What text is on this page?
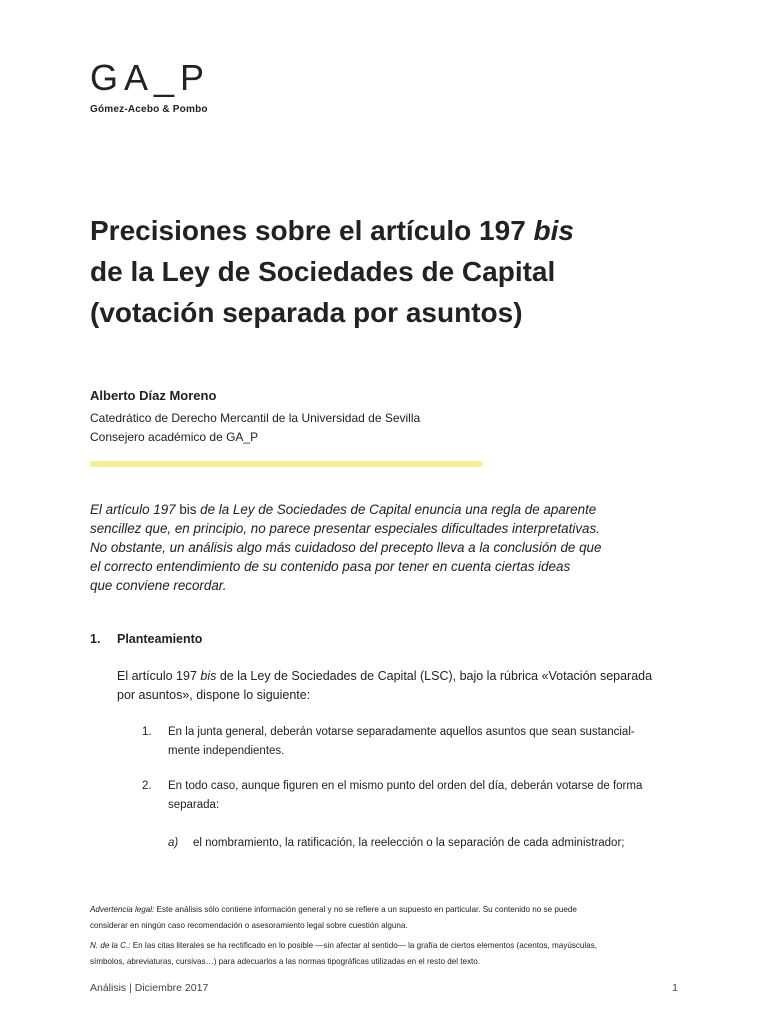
GA_P
Gómez-Acebo & Pombo
Precisiones sobre el artículo 197 bis
de la Ley de Sociedades de Capital
(votación separada por asuntos)
Alberto Díaz Moreno
Catedrático de Derecho Mercantil de la Universidad de Sevilla
Consejero académico de GA_P
El artículo 197 bis de la Ley de Sociedades de Capital enuncia una regla de aparente
sencillez que, en principio, no parece presentar especiales dificultades interpretativas.
No obstante, un análisis algo más cuidadoso del precepto lleva a la conclusión de que
el correcto entendimiento de su contenido pasa por tener en cuenta ciertas ideas
que conviene recordar.
1. Planteamiento
El artículo 197 bis de la Ley de Sociedades de Capital (LSC), bajo la rúbrica «Votación separada
por asuntos», dispone lo siguiente:
1. En la junta general, deberán votarse separadamente aquellos asuntos que sean sustancial-
mente independientes.
2. En todo caso, aunque figuren en el mismo punto del orden del día, deberán votarse de forma
separada:
a) el nombramiento, la ratificación, la reelección o la separación de cada administrador;
Advertencia legal: Este análisis sólo contiene información general y no se refiere a un supuesto en particular. Su contenido no se puede
considerar en ningún caso recomendación o asesoramiento legal sobre cuestión alguna.
N. de la C.: En las citas literales se ha rectificado en lo posible —sin afectar al sentido— la grafía de ciertos elementos (acentos, mayúsculas,
símbolos, abreviaturas, cursivas…) para adecuarlos a las normas tipográficas utilizadas en el resto del texto.
Análisis | Diciembre 2017	1
